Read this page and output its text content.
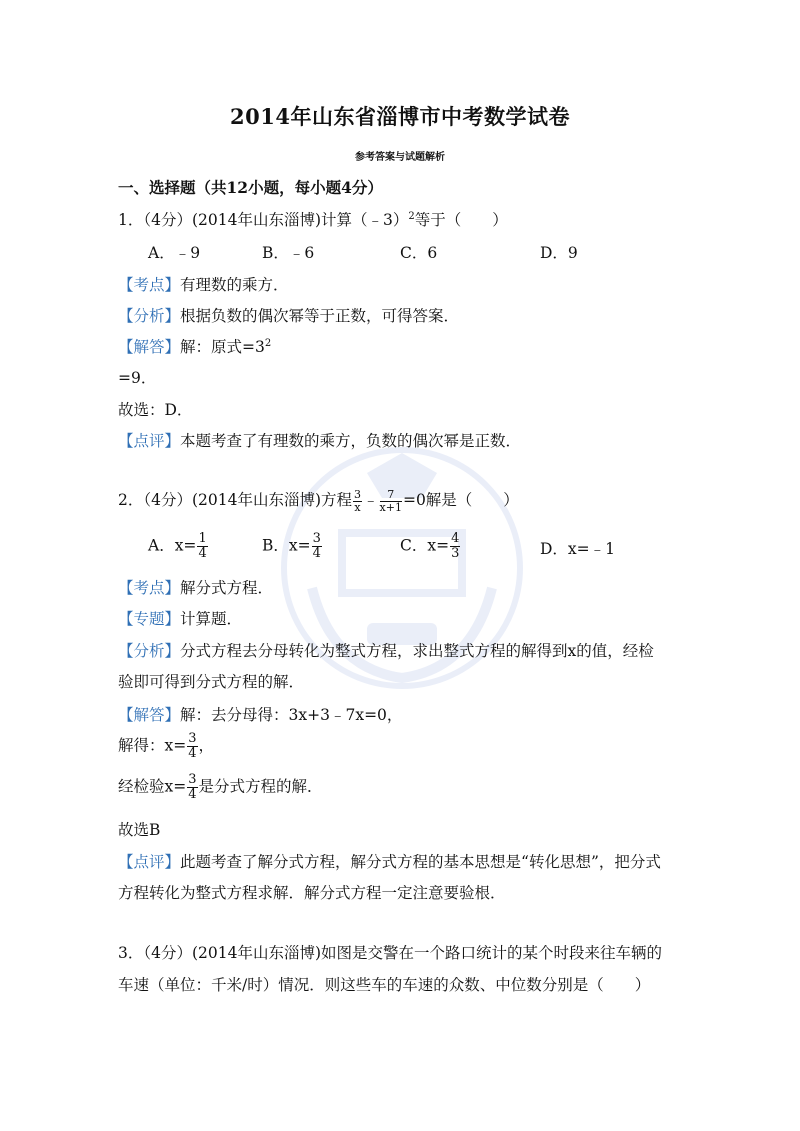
2014年山东省淄博市中考数学试卷
参考答案与试题解析
一、选择题（共12小题，每小题4分）
1．（4分）(2014年山东淄博)计算（﹣3）$^2$等于（　　）
A．﹣9	B．﹣6	C．6	D．9
【考点】有理数的乘方．
【分析】根据负数的偶次幂等于正数，可得答案．
【解答】解：原式$=3^2$
=9．
故选：D．
【点评】本题考查了有理数的乘方，负数的偶次幂是正数．
2．（4分）(2014年山东淄博)方程 $\frac{3}{x}$ ﹣ $\frac{7}{x+1} =0$解是（　　）
A．$x= \frac{1}{4}$	B．$x= \frac{3}{4}$	C．$x= \frac{4}{3}$	D．x=﹣1
【考点】解分式方程．
【专题】计算题．
【分析】分式方程去分母转化为整式方程，求出整式方程的解得到x的值，经检
验即可得到分式方程的解．
【解答】解：去分母得：3x+3﹣7x=0，
解得：$x= \frac{3}{4}$ ，
经检验$x= \frac{3}{4}$ 是分式方程的解．
故选B
【点评】此题考查了解分式方程，解分式方程的基本思想是“转化思想”，把分式
方程转化为整式方程求解．解分式方程一定注意要验根．
3．（4分）(2014年山东淄博)如图是交警在一个路口统计的某个时段来往车辆的
车速（单位：千米/时）情况．则这些车的车速的众数、中位数分别是（　　）
